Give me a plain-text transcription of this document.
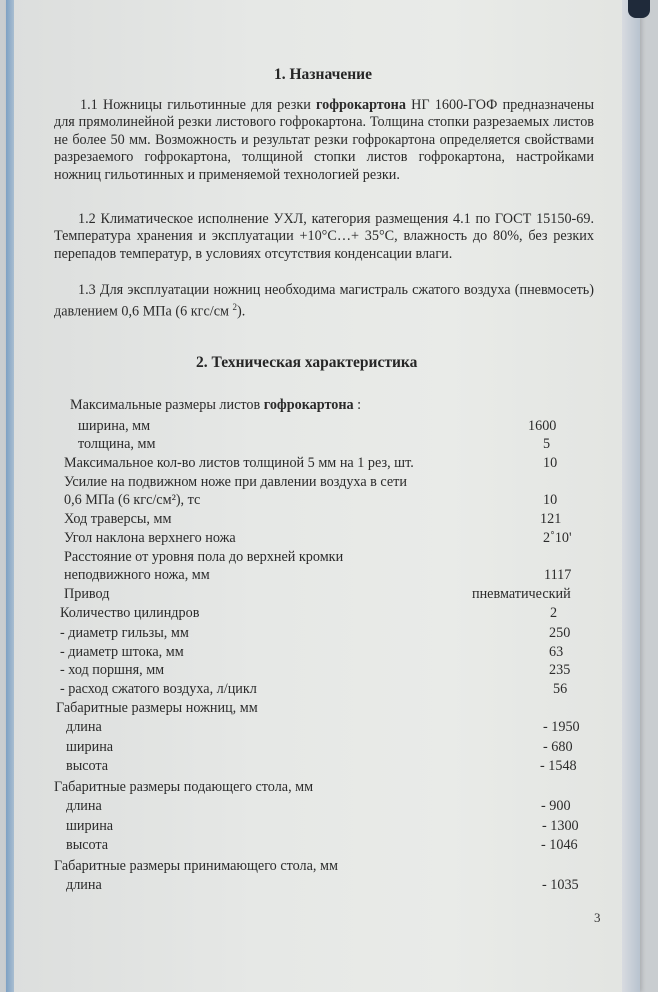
1. Назначение
1.1 Ножницы гильотинные для резки гофрокартона НГ 1600-ГОФ предназначены для прямолинейной резки листового гофрокартона. Толщина стопки разрезаемых листов не более 50 мм. Возможность и результат резки гофрокартона определяется свойствами разрезаемого гофрокартона, толщиной стопки листов гофрокартона, настройками ножниц гильотинных и применяемой технологией резки.
1.2 Климатическое исполнение УХЛ, категория размещения 4.1 по ГОСТ 15150-69. Температура хранения и эксплуатации +10°С…+ 35°С, влажность до 80%, без резких перепадов температур, в условиях отсутствия конденсации влаги.
1.3 Для эксплуатации ножниц необходима магистраль сжатого воздуха (пневмосеть) давлением 0,6 МПа (6 кгс/см $^2$).
2. Техническая характеристика
Максимальные размеры листов гофрокартона :
ширина, мм	1600
толщина, мм	5
Максимальное кол-во листов толщиной 5 мм на 1 рез, шт.	10
Усилие на подвижном ноже при давлении воздуха в сети
0,6 МПа (6 кгс/см²), тс	10
Ход траверсы, мм	121
Угол наклона верхнего ножа	2˚10'
Расстояние от уровня пола до верхней кромки
неподвижного ножа, мм	1117
Привод	пневматический
Количество цилиндров	2
- диаметр гильзы, мм	250
- диаметр штока, мм	63
- ход поршня, мм	235
- расход сжатого воздуха, л/цикл	56
Габаритные размеры ножниц, мм
длина	- 1950
ширина	- 680
высота	- 1548
Габаритные размеры подающего стола, мм
длина	- 900
ширина	- 1300
высота	- 1046
Габаритные размеры принимающего стола, мм
длина	- 1035
3
